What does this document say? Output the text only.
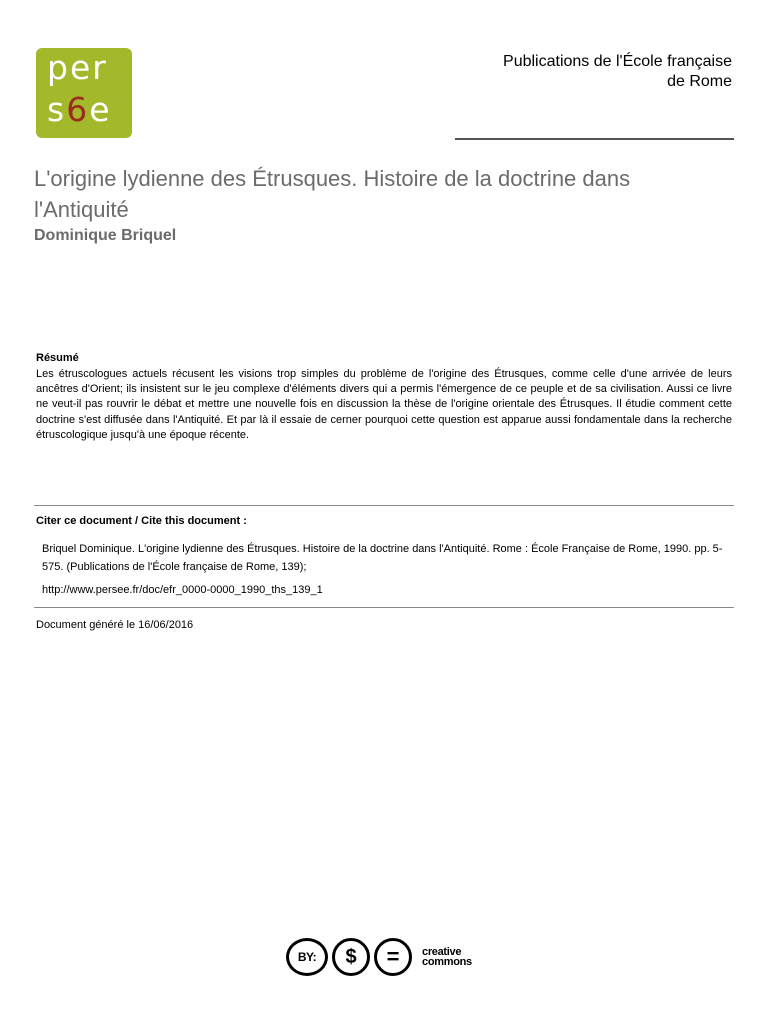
per
s6e
Publications de l'École française
de Rome
L'origine lydienne des Étrusques. Histoire de la doctrine dans l'Antiquité
Dominique Briquel
Résumé
Les étruscologues actuels récusent les visions trop simples du problème de l'origine des Étrusques, comme celle d'une arrivée de leurs ancêtres d'Orient; ils insistent sur le jeu complexe d'éléments divers qui a permis l'émergence de ce peuple et de sa civilisation. Aussi ce livre ne veut-il pas rouvrir le débat et mettre une nouvelle fois en discussion la thèse de l'origine orientale des Étrusques. Il étudie comment cette doctrine s'est diffusée dans l'Antiquité. Et par là il essaie de cerner pourquoi cette question est apparue aussi fondamentale dans la recherche étruscologique jusqu'à une époque récente.
Citer ce document / Cite this document :
Briquel Dominique. L'origine lydienne des Étrusques. Histoire de la doctrine dans l'Antiquité. Rome : École Française de Rome, 1990. pp. 5-575. (Publications de l'École française de Rome, 139);
http://www.persee.fr/doc/efr_0000-0000_1990_ths_139_1
Document généré le 16/06/2016
BY:	$	=	creative
commons
